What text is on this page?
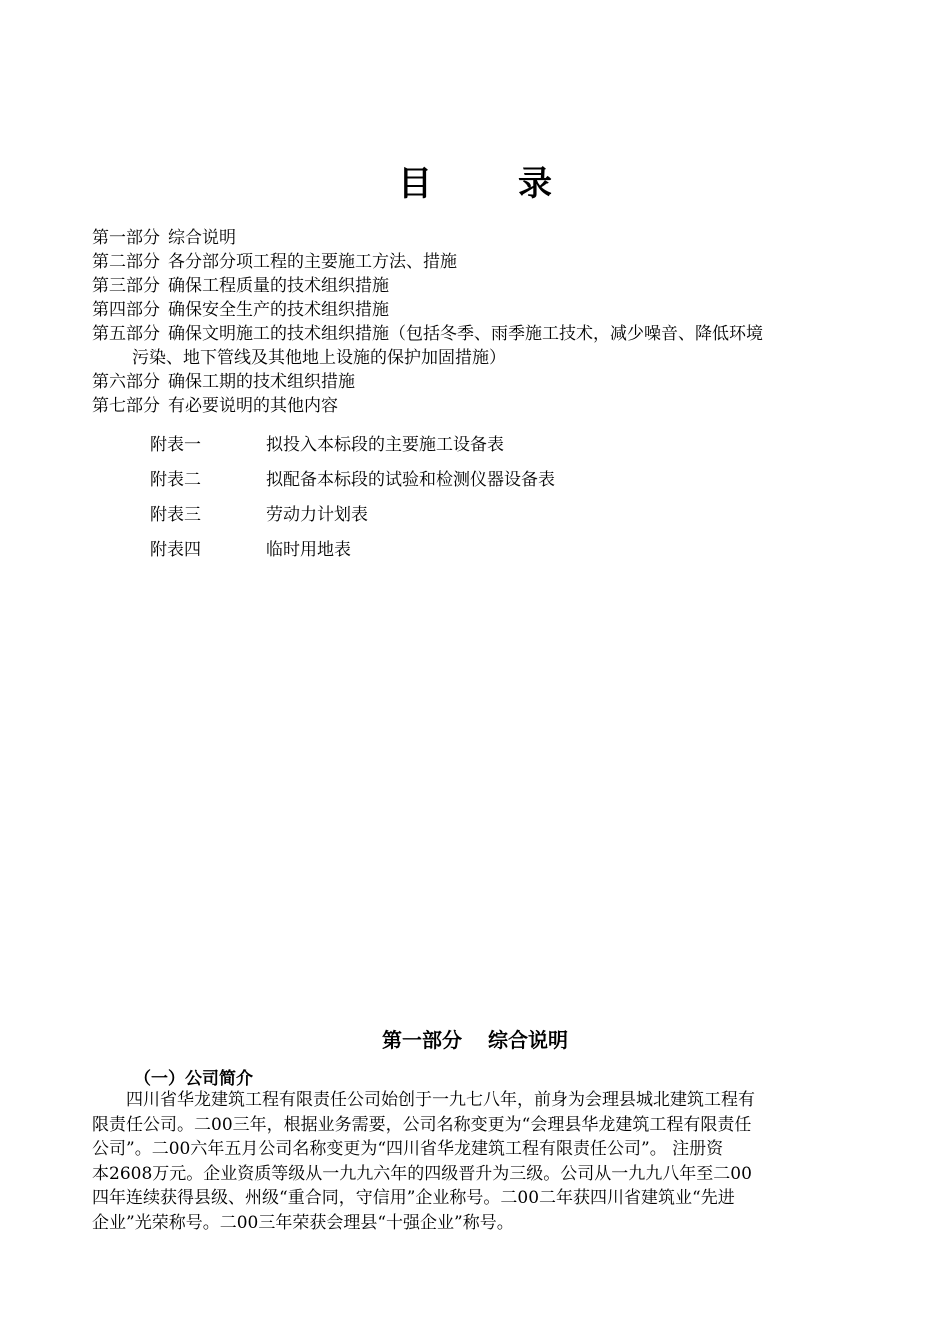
目	录
第一部分 综合说明
第二部分 各分部分项工程的主要施工方法、措施
第三部分 确保工程质量的技术组织措施
第四部分 确保安全生产的技术组织措施
第五部分 确保文明施工的技术组织措施（包括冬季、雨季施工技术，减少噪音、降低环境
污染、地下管线及其他地上设施的保护加固措施）
第六部分 确保工期的技术组织措施
第七部分 有必要说明的其他内容
附表一	拟投入本标段的主要施工设备表
附表二	拟配备本标段的试验和检测仪器设备表
附表三	劳动力计划表
附表四	临时用地表
第一部分 综合说明
（一）公司简介
　　四川省华龙建筑工程有限责任公司始创于一九七八年，前身为会理县城北建筑工程有
限责任公司。二00三年，根据业务需要，公司名称变更为“会理县华龙建筑工程有限责任
公司”。二00六年五月公司名称变更为“四川省华龙建筑工程有限责任公司”。 注册资
本2608万元。企业资质等级从一九九六年的四级晋升为三级。公司从一九九八年至二00
四年连续获得县级、州级“重合同，守信用”企业称号。二00二年获四川省建筑业“先进
企业”光荣称号。二00三年荣获会理县“十强企业”称号。
